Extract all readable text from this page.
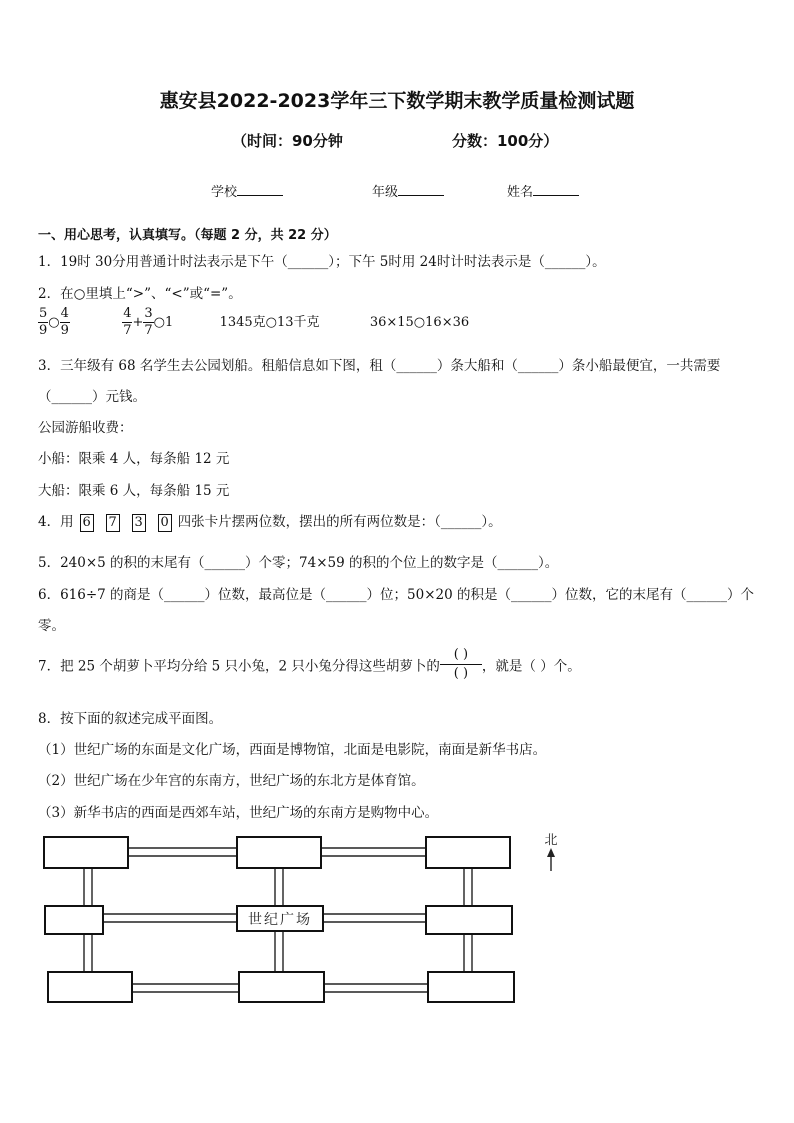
惠安县2022-2023学年三下数学期末教学质量检测试题
（时间：90分钟	分数：100分）
学校	年级	姓名
一、用心思考，认真填写。（每题 2 分，共 22 分）
1．19时 30分用普通计时法表示是下午（______）；下午 5时用 24时计时法表示是（______）。
2．在○里填上“>”、“<”或“=”。
$\frac{5}{9}$ ○ $\frac{4}{9}$
	$\frac{4}{7} + \frac{3}{7}$ ○1	1345克○13千克	36×15○16×36
3．三年级有 68 名学生去公园划船。租船信息如下图，租（______）条大船和（______）条小船最便宜，一共需要
（______）元钱。
公园游船收费：
小船：限乘 4 人，每条船 12 元
大船：限乘 6 人，每条船 15 元
4．用 6 7 3 0 四张卡片摆两位数，摆出的所有两位数是：（______）。
5．240×5 的积的末尾有（______）个零；74×59 的积的个位上的数字是（______）。
6．616÷7 的商是（______）位数，最高位是（______）位；50×20 的积是（______）位数，它的末尾有（______）个
零。
7．把 25 个胡萝卜平均分给 5 只小兔，2 只小兔分得这些胡萝卜的
( )
( )	，就是（ ）个。
8．按下面的叙述完成平面图。
（1）世纪广场的东面是文化广场，西面是博物馆，北面是电影院，南面是新华书店。
（2）世纪广场在少年宫的东南方，世纪广场的东北方是体育馆。
（3）新华书店的西面是西郊车站，世纪广场的东南方是购物中心。
世纪广场
北
